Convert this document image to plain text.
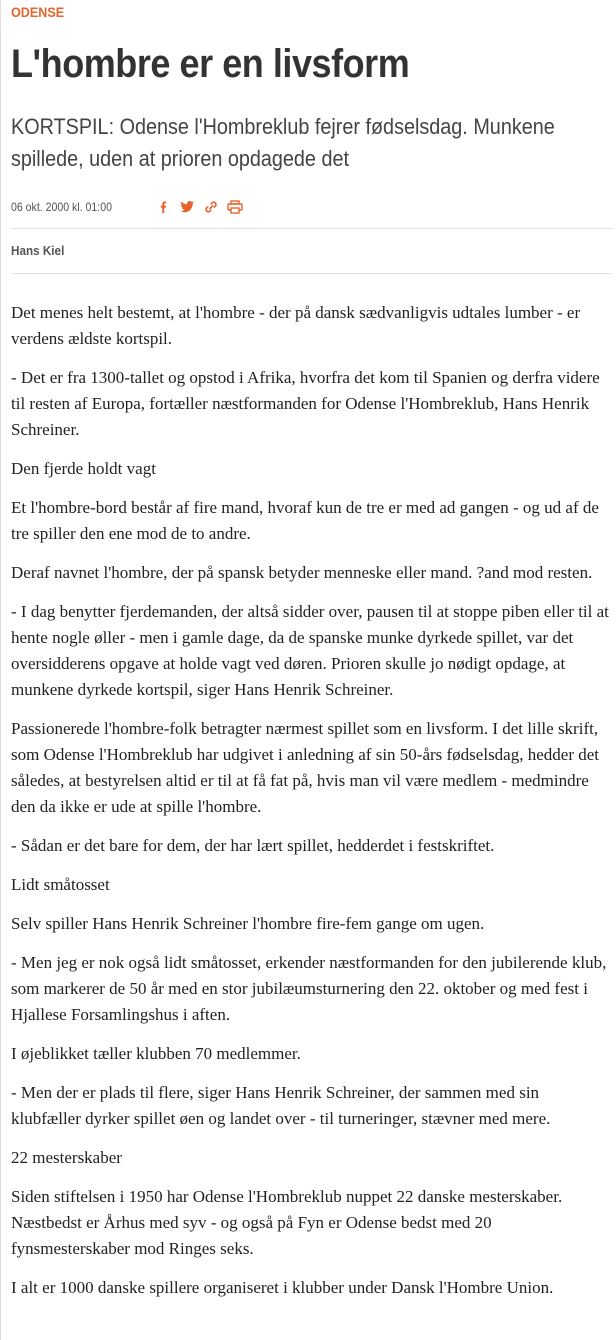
ODENSE
L'hombre er en livsform
KORTSPIL: Odense l'Hombreklub fejrer fødselsdag. Munkene spillede, uden at prioren opdagede det
06 okt. 2000 kl. 01:00
Hans Kiel

Det menes helt bestemt, at l'hombre - der på dansk sædvanligvis udtales lumber - er verdens ældste kortspil.

- Det er fra 1300-tallet og opstod i Afrika, hvorfra det kom til Spanien og derfra videre til resten af Europa, fortæller næstformanden for Odense l'Hombreklub, Hans Henrik Schreiner.

Den fjerde holdt vagt

Et l'hombre-bord består af fire mand, hvoraf kun de tre er med ad gangen - og ud af de tre spiller den ene mod de to andre.

Deraf navnet l'hombre, der på spansk betyder menneske eller mand. ?and mod resten.

- I dag benytter fjerdemanden, der altså sidder over, pausen til at stoppe piben eller til at hente nogle øller - men i gamle dage, da de spanske munke dyrkede spillet, var det oversidderens opgave at holde vagt ved døren. Prioren skulle jo nødigt opdage, at munkene dyrkede kortspil, siger Hans Henrik Schreiner.

Passionerede l'hombre-folk betragter nærmest spillet som en livsform. I det lille skrift, som Odense l'Hombreklub har udgivet i anledning af sin 50-års fødselsdag, hedder det således, at bestyrelsen altid er til at få fat på, hvis man vil være medlem - medmindre den da ikke er ude at spille l'hombre.

- Sådan er det bare for dem, der har lært spillet, hedderdet i festskriftet.

Lidt småtosset

Selv spiller Hans Henrik Schreiner l'hombre fire-fem gange om ugen.

- Men jeg er nok også lidt småtosset, erkender næstformanden for den jubilerende klub, som markerer de 50 år med en stor jubilæumsturnering den 22. oktober og med fest i Hjallese Forsamlingshus i aften.

I øjeblikket tæller klubben 70 medlemmer.

- Men der er plads til flere, siger Hans Henrik Schreiner, der sammen med sin klubfæller dyrker spillet øen og landet over - til turneringer, stævner med mere.

22 mesterskaber

Siden stiftelsen i 1950 har Odense l'Hombreklub nuppet 22 danske mesterskaber. Næstbedst er Århus med syv - og også på Fyn er Odense bedst med 20 fynsmesterskaber mod Ringes seks.

I alt er 1000 danske spillere organiseret i klubber under Dansk l'Hombre Union.
